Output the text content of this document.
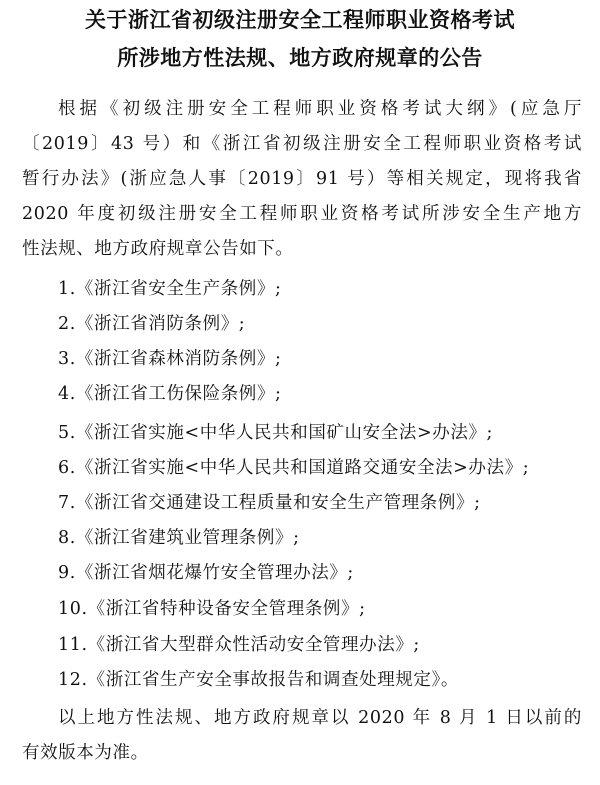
关于浙江省初级注册安全工程师职业资格考试
所涉地方性法规、地方政府规章的公告
根据《初级注册安全工程师职业资格考试大纲》(应急厅
〔2019〕43 号）和《浙江省初级注册安全工程师职业资格考试
暂行办法》(浙应急人事〔2019〕91 号）等相关规定，现将我省
2020 年度初级注册安全工程师职业资格考试所涉安全生产地方
性法规、地方政府规章公告如下。
1.《浙江省安全生产条例》;
2.《浙江省消防条例》;
3.《浙江省森林消防条例》;
4.《浙江省工伤保险条例》;
5.《浙江省实施<中华人民共和国矿山安全法>办法》;
6.《浙江省实施<中华人民共和国道路交通安全法>办法》;
7.《浙江省交通建设工程质量和安全生产管理条例》;
8.《浙江省建筑业管理条例》;
9.《浙江省烟花爆竹安全管理办法》;
10.《浙江省特种设备安全管理条例》;
11.《浙江省大型群众性活动安全管理办法》;
12.《浙江省生产安全事故报告和调查处理规定》。
以上地方性法规、地方政府规章以 2020 年 8 月 1 日以前的
有效版本为准。
